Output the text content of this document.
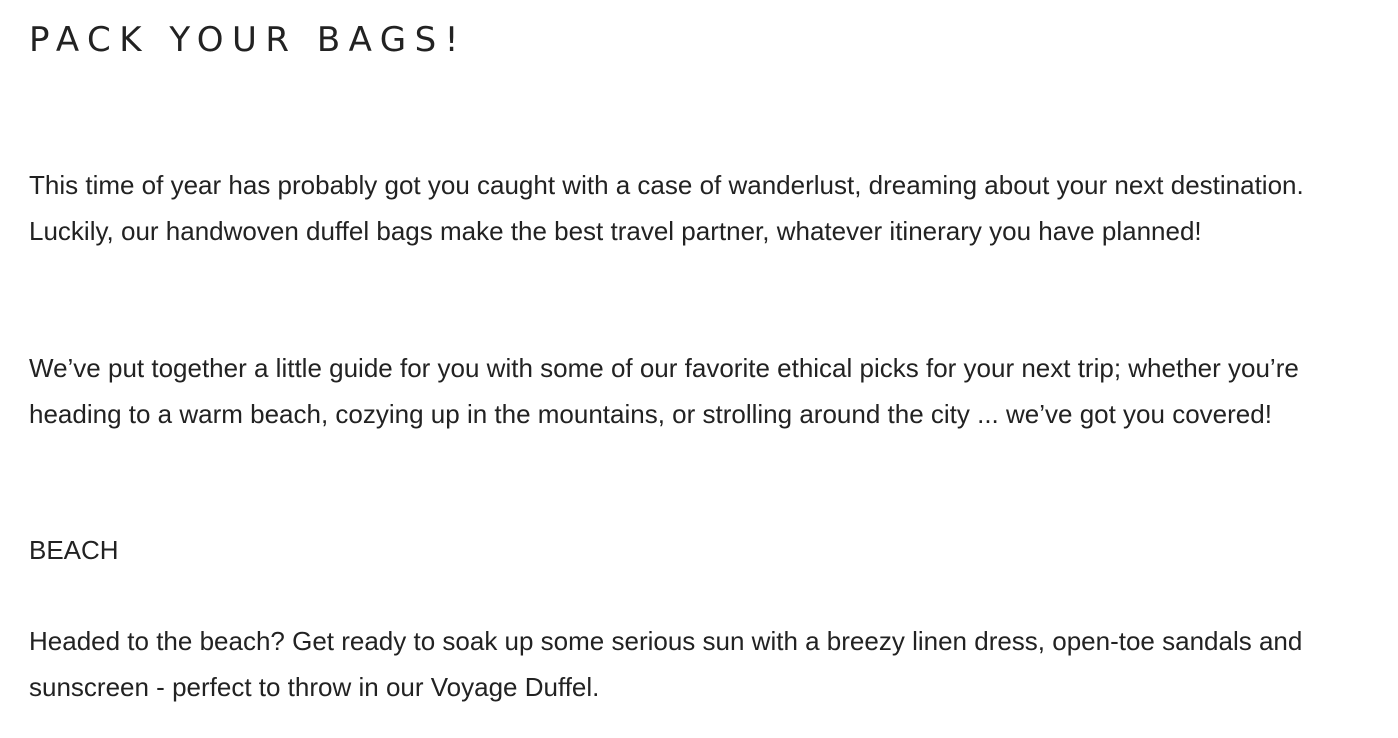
PACK YOUR BAGS!

This time of year has probably got you caught with a case of wanderlust, dreaming about your next destination. Luckily, our handwoven duffel bags make the best travel partner, whatever itinerary you have planned!

We’ve put together a little guide for you with some of our favorite ethical picks for your next trip; whether you’re heading to a warm beach, cozying up in the mountains, or strolling around the city ... we’ve got you covered!

BEACH

Headed to the beach? Get ready to soak up some serious sun with a breezy linen dress, open-toe sandals and sunscreen - perfect to throw in our Voyage Duffel.
